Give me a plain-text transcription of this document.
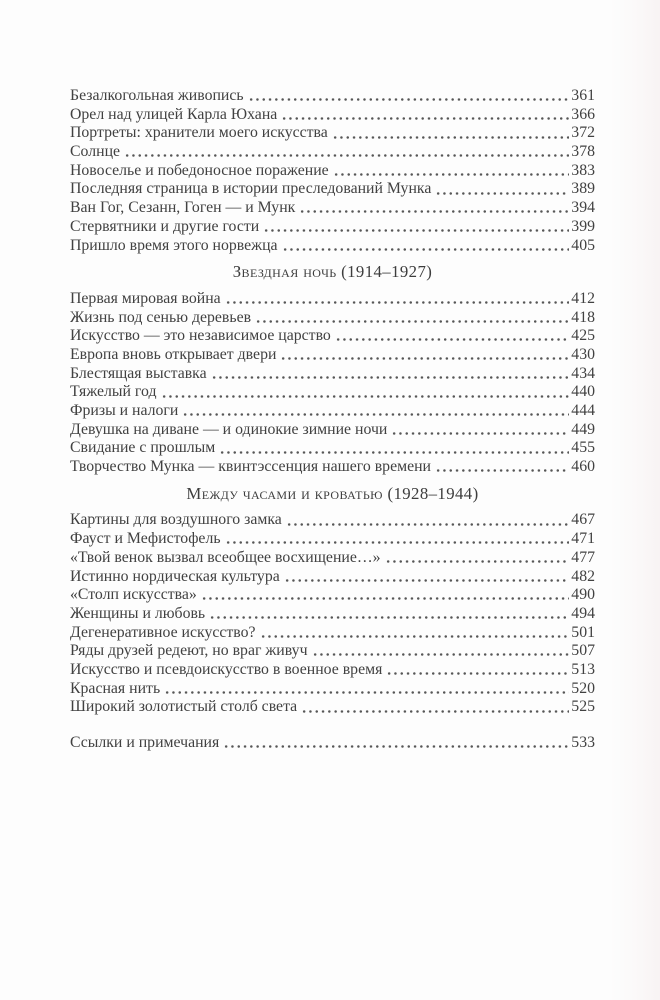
Безалкогольная живопись	361
Орел над улицей Карла Юхана	366
Портреты: хранители моего искусства	372
Солнце	378
Новоселье и победоносное поражение	383
Последняя страница в истории преследований Мунка	389
Ван Гог, Сезанн, Гоген — и Мунк	394
Стервятники и другие гости	399
Пришло время этого норвежца	405
Звездная ночь (1914–1927)
Первая мировая война	412
Жизнь под сенью деревьев	418
Искусство — это независимое царство	425
Европа вновь открывает двери	430
Блестящая выставка	434
Тяжелый год	440
Фризы и налоги	444
Девушка на диване — и одинокие зимние ночи	449
Свидание с прошлым	455
Творчество Мунка — квинтэссенция нашего времени	460
Между часами и кроватью (1928–1944)
Картины для воздушного замка	467
Фауст и Мефистофель	471
«Твой венок вызвал всеобщее восхищение…»	477
Истинно нордическая культура	482
«Столп искусства»	490
Женщины и любовь	494
Дегенеративное искусство?	501
Ряды друзей редеют, но враг живуч	507
Искусство и псевдоискусство в военное время	513
Красная нить	520
Широкий золотистый столб света	525
Ссылки и примечания	533
